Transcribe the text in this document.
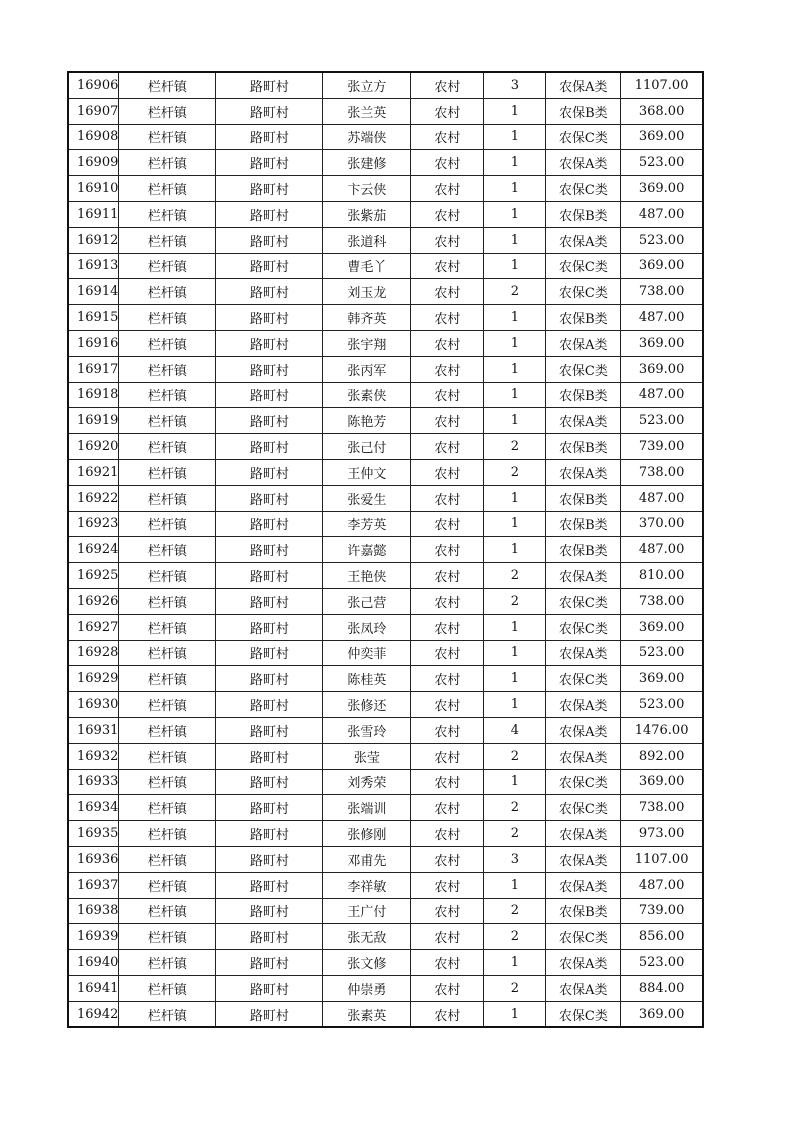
16906	栏杆镇	路町村	张立方	农村	3	农保A类	1107.00
16907	栏杆镇	路町村	张兰英	农村	1	农保B类	368.00
16908	栏杆镇	路町村	苏端侠	农村	1	农保C类	369.00
16909	栏杆镇	路町村	张建修	农村	1	农保A类	523.00
16910	栏杆镇	路町村	卞云侠	农村	1	农保C类	369.00
16911	栏杆镇	路町村	张紫茄	农村	1	农保B类	487.00
16912	栏杆镇	路町村	张道科	农村	1	农保A类	523.00
16913	栏杆镇	路町村	曹毛丫	农村	1	农保C类	369.00
16914	栏杆镇	路町村	刘玉龙	农村	2	农保C类	738.00
16915	栏杆镇	路町村	韩齐英	农村	1	农保B类	487.00
16916	栏杆镇	路町村	张宇翔	农村	1	农保A类	369.00
16917	栏杆镇	路町村	张丙军	农村	1	农保C类	369.00
16918	栏杆镇	路町村	张素侠	农村	1	农保B类	487.00
16919	栏杆镇	路町村	陈艳芳	农村	1	农保A类	523.00
16920	栏杆镇	路町村	张己付	农村	2	农保B类	739.00
16921	栏杆镇	路町村	王仲文	农村	2	农保A类	738.00
16922	栏杆镇	路町村	张爱生	农村	1	农保B类	487.00
16923	栏杆镇	路町村	李芳英	农村	1	农保B类	370.00
16924	栏杆镇	路町村	许嘉懿	农村	1	农保B类	487.00
16925	栏杆镇	路町村	王艳侠	农村	2	农保A类	810.00
16926	栏杆镇	路町村	张己营	农村	2	农保C类	738.00
16927	栏杆镇	路町村	张凤玲	农村	1	农保C类	369.00
16928	栏杆镇	路町村	仲奕菲	农村	1	农保A类	523.00
16929	栏杆镇	路町村	陈桂英	农村	1	农保C类	369.00
16930	栏杆镇	路町村	张修还	农村	1	农保A类	523.00
16931	栏杆镇	路町村	张雪玲	农村	4	农保A类	1476.00
16932	栏杆镇	路町村	张莹	农村	2	农保A类	892.00
16933	栏杆镇	路町村	刘秀荣	农村	1	农保C类	369.00
16934	栏杆镇	路町村	张端训	农村	2	农保C类	738.00
16935	栏杆镇	路町村	张修刚	农村	2	农保A类	973.00
16936	栏杆镇	路町村	邓甫先	农村	3	农保A类	1107.00
16937	栏杆镇	路町村	李祥敏	农村	1	农保A类	487.00
16938	栏杆镇	路町村	王广付	农村	2	农保B类	739.00
16939	栏杆镇	路町村	张无敌	农村	2	农保C类	856.00
16940	栏杆镇	路町村	张文修	农村	1	农保A类	523.00
16941	栏杆镇	路町村	仲崇勇	农村	2	农保A类	884.00
16942	栏杆镇	路町村	张素英	农村	1	农保C类	369.00
